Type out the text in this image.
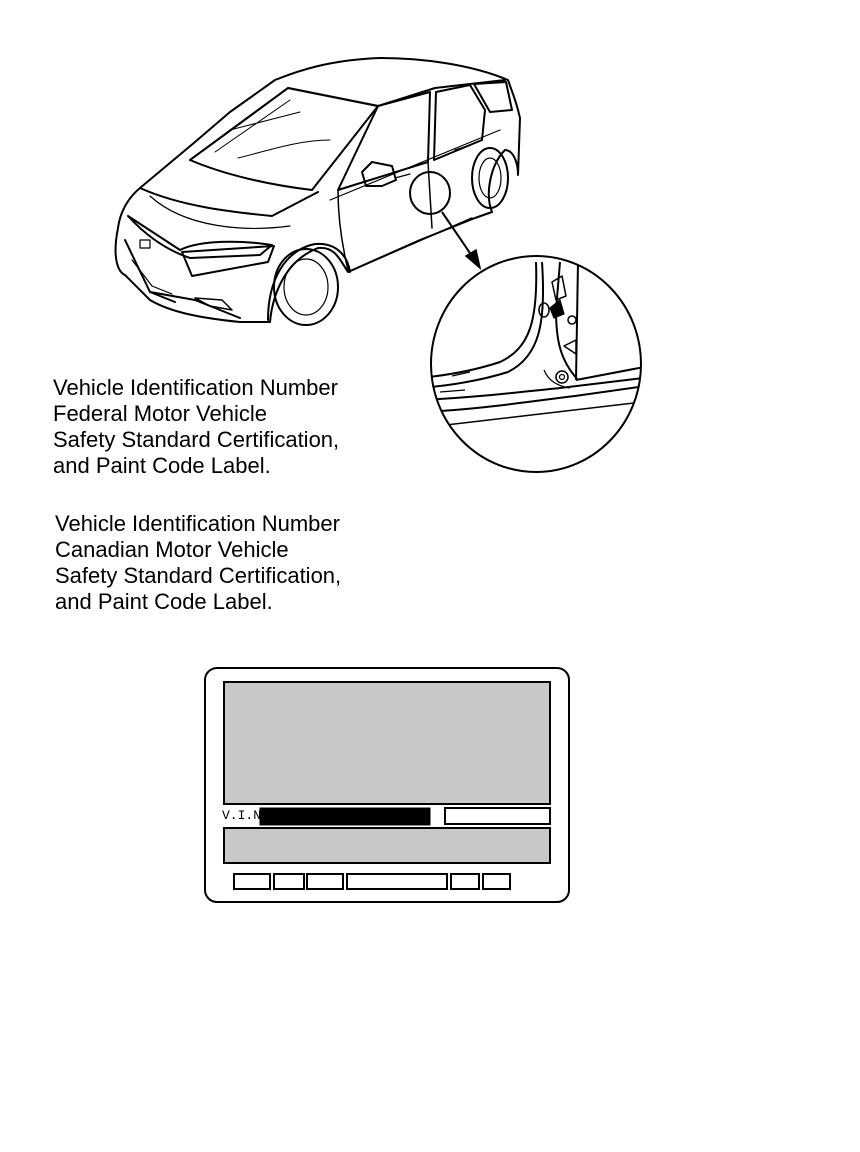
Vehicle Identification Number
Federal Motor Vehicle
Safety Standard Certification,
and Paint Code Label.

Vehicle Identification Number
Canadian Motor Vehicle
Safety Standard Certification,
and Paint Code Label.

V.I.N
